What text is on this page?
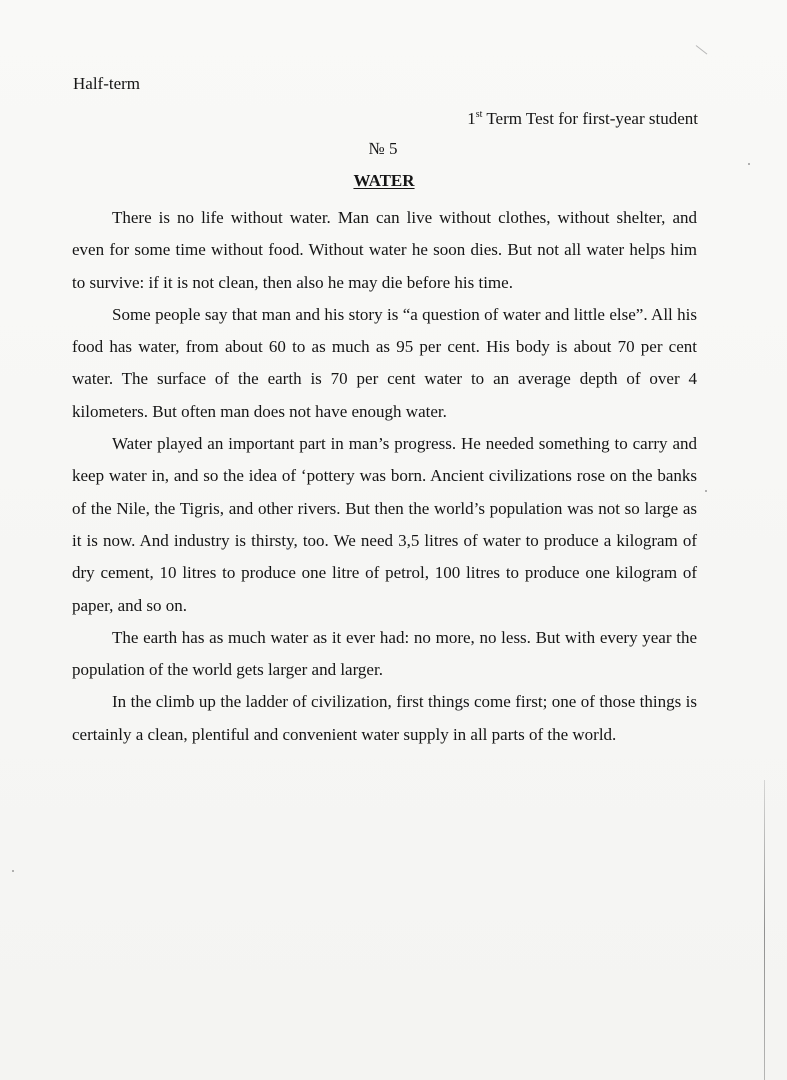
Half-term
1st Term Test for first-year student
№ 5
WATER

There is no life without water. Man can live without clothes, without shelter, and even for some time without food. Without water he soon dies. But not all water helps him to survive: if it is not clean, then also he may die before his time.

Some people say that man and his story is “a question of water and little else”. All his food has water, from about 60 to as much as 95 per cent. His body is about 70 per cent water. The surface of the earth is 70 per cent water to an average depth of over 4 kilometers. But often man does not have enough water.

Water played an important part in man’s progress. He needed something to carry and keep water in, and so the idea of ‘pottery was born. Ancient civilizations rose on the banks of the Nile, the Tigris, and other rivers. But then the world’s population was not so large as it is now. And industry is thirsty, too. We need 3,5 litres of water to produce a kilogram of dry cement, 10 litres to produce one litre of petrol, 100 litres to produce one kilogram of paper, and so on.

The earth has as much water as it ever had: no more, no less. But with every year the population of the world gets larger and larger.

In the climb up the ladder of civilization, first things come first; one of those things is certainly a clean, plentiful and convenient water supply in all parts of the world.
